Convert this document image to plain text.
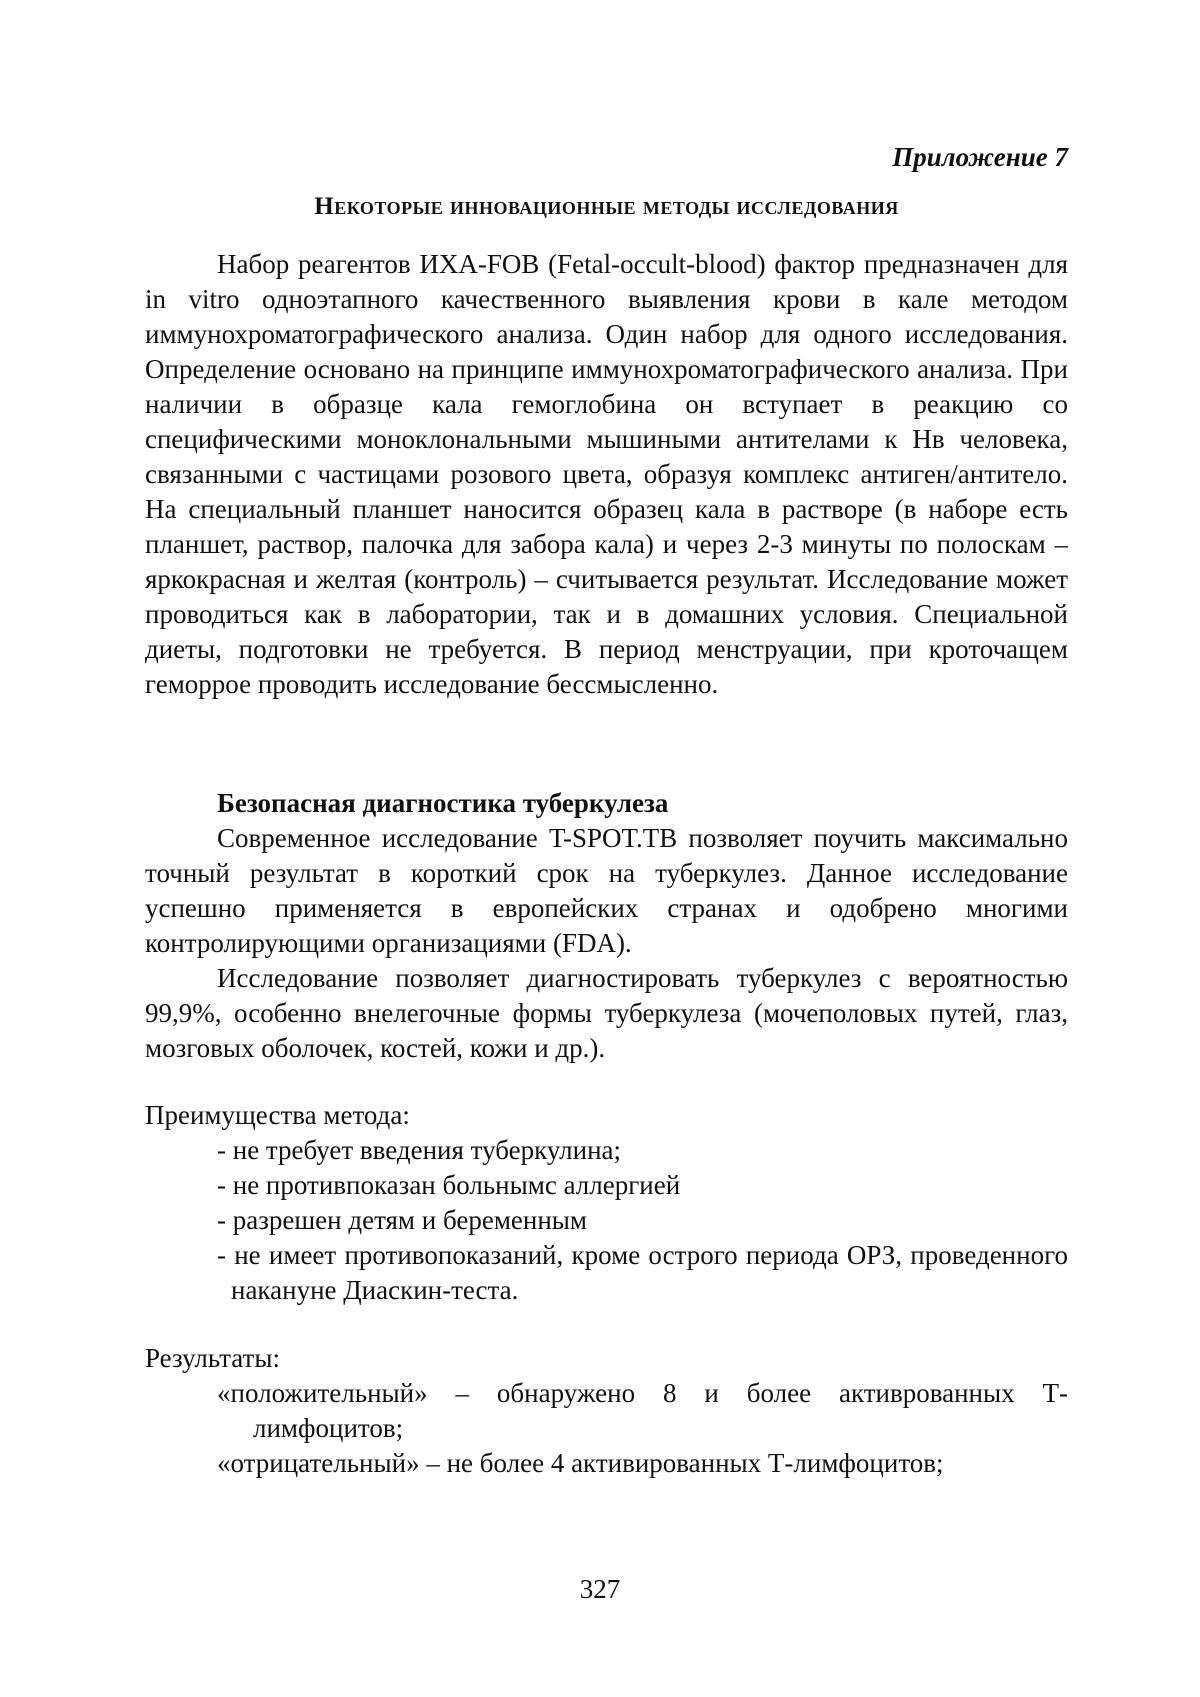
Приложение 7
Некоторые инновационные методы исследования

Набор реагентов ИХА-FOB (Fetal-occult-blood) фактор предназначен для in vitro одноэтапного качественного выявления крови в кале методом иммунохроматографического анализа. Один набор для одного исследования. Определение основано на принципе иммунохроматографического анализа. При наличии в образце кала гемоглобина он вступает в реакцию со специфическими моноклональными мышиными антителами к Hв человека, связанными с частицами розового цвета, образуя комплекс антиген/антитело. На специальный планшет наносится образец кала в растворе (в наборе есть планшет, раствор, палочка для забора кала) и через 2-3 минуты по полоскам – яркокрасная и желтая (контроль) – считывается результат. Исследование может проводиться как в лаборатории, так и в домашних условия. Специальной диеты, подготовки не требуется. В период менструации, при кроточащем геморрое проводить исследование бессмысленно.

Безопасная диагностика туберкулеза

Современное исследование T-SPOT.TB позволяет поучить максимально точный результат в короткий срок на туберкулез. Данное исследование успешно применяется в европейских странах и одобрено многими контролирующими организациями (FDA).

Исследование позволяет диагностировать туберкулез с вероятностью 99,9%, особенно внелегочные формы туберкулеза (мочеполовых путей, глаз, мозговых оболочек, костей, кожи и др.).

Преимущества метода:
- не требует введения туберкулина;
- не противпоказан больнымс аллергией
- разрешен детям и беременным
- не имеет противопоказаний, кроме острого периода ОРЗ, проведенного накануне Диаскин-теста.
Результаты:
«положительный» – обнаружено 8 и более активрованных Т-лимфоцитов;
«отрицательный» – не более 4 активированных Т-лимфоцитов;
327
